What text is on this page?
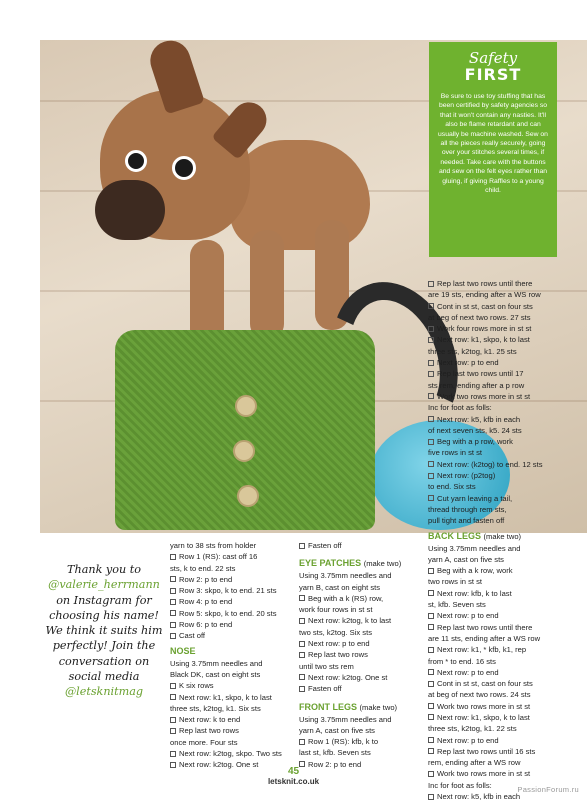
Safety
FIRST
Be sure to use toy stuffing that has been certified by safety agencies so that it won't contain any nasties. It'll also be flame retardant and can usually be machine washed. Sew on all the pieces really securely, going over your stitches several times, if needed. Take care with the buttons and sew on the felt eyes rather than gluing, if giving Raffles to a young child.

Rep last two rows until there

are 19 sts, ending after a WS row

Cont in st st, cast on four sts

at beg of next two rows. 27 sts

Work four rows more in st st

Next row: k1, skpo, k to last

three sts, k2tog, k1. 25 sts

Next row: p to end

Rep last two rows until 17

sts rem, ending after a p row

Work two rows more in st st

Inc for foot as folls:

Next row: k5, kfb in each

of next seven sts, k5. 24 sts

Beg with a p row, work

five rows in st st

Next row: (k2tog) to end. 12 sts

Next row: (p2tog)

to end. Six sts

Cut yarn leaving a tail,

thread through rem sts,

pull tight and fasten off

BACK LEGS (make two)

Using 3.75mm needles and

yarn A, cast on five sts

Beg with a k row, work

two rows in st st

Next row: kfb, k to last

st, kfb. Seven sts

Next row: p to end

Rep last two rows until there

are 11 sts, ending after a WS row

Next row: k1, * kfb, k1, rep

from * to end. 16 sts

Next row: p to end

Cont in st st, cast on four sts

at beg of next two rows. 24 sts

Work two rows more in st st

Next row: k1, skpo, k to last

three sts, k2tog, k1. 22 sts

Next row: p to end

Rep last two rows until 16 sts

rem, ending after a WS row

Work two rows more in st st

Inc for foot as folls:

Next row: k5, kfb in each

yarn to 38 sts from holder

Row 1 (RS): cast off 16

sts, k to end. 22 sts

Row 2: p to end

Row 3: skpo, k to end. 21 sts

Row 4: p to end

Row 5: skpo, k to end. 20 sts

Row 6: p to end

Cast off

NOSE

Using 3.75mm needles and

Black DK, cast on eight sts

K six rows

Next row: k1, skpo, k to last

three sts, k2tog, k1. Six sts

Next row: k to end

Rep last two rows

once more. Four sts

Next row: k2tog, skpo. Two sts

Next row: k2tog. One st

Fasten off

EYE PATCHES (make two)

Using 3.75mm needles and

yarn B, cast on eight sts

Beg with a k (RS) row,

work four rows in st st

Next row: k2tog, k to last

two sts, k2tog. Six sts

Next row: p to end

Rep last two rows

until two sts rem

Next row: k2tog. One st

Fasten off

FRONT LEGS (make two)

Using 3.75mm needles and

yarn A, cast on five sts

Row 1 (RS): kfb, k to

last st, kfb. Seven sts

Row 2: p to end

Thank you to
@valerie_herrmann
on Instagram for choosing his name! We think it suits him perfectly! Join the conversation on social media
@letsknitmag
45
letsknit.co.uk
PassionForum.ru
